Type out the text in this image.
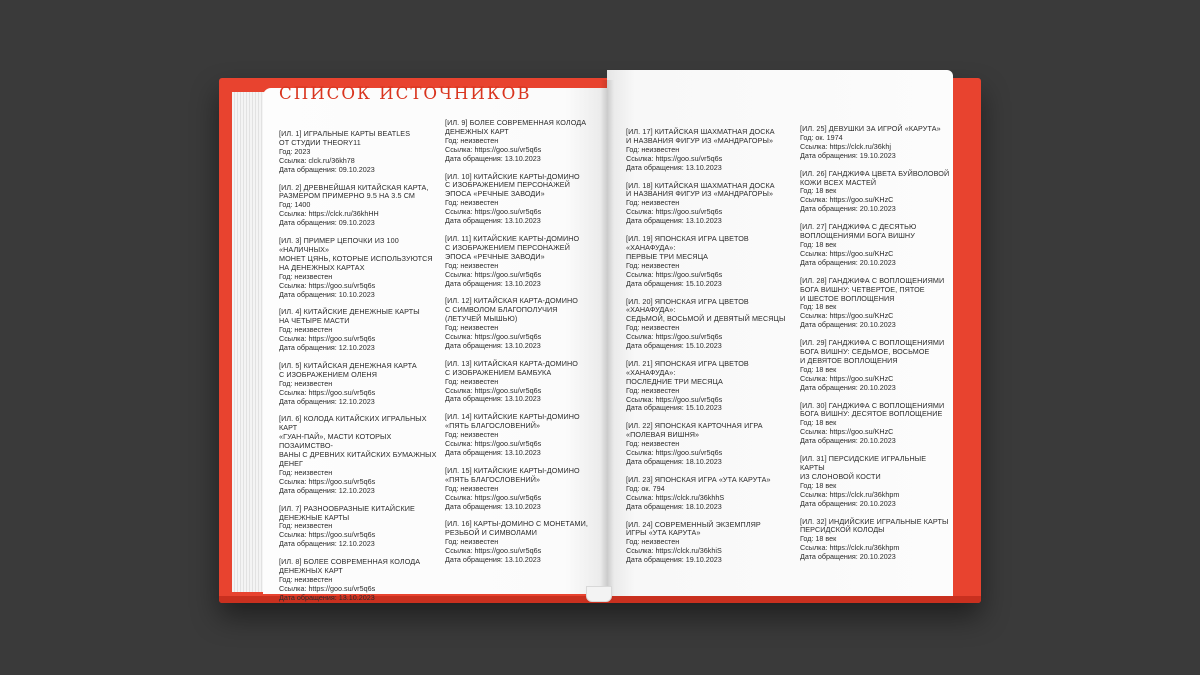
СПИСОК ИСТОЧНИКОВ
[ИЛ. 1] ИГРАЛЬНЫЕ КАРТЫ BEATLES
ОТ СТУДИИ THEORY11
Год: 2023
Ссылка: clck.ru/36kh78
Дата обращения: 09.10.2023
[ИЛ. 2] ДРЕВНЕЙШАЯ КИТАЙСКАЯ КАРТА,
РАЗМЕРОМ ПРИМЕРНО 9.5 НА 3.5 СМ
Год: 1400
Ссылка: https://clck.ru/36khHH
Дата обращения: 09.10.2023
[ИЛ. 3] ПРИМЕР ЦЕПОЧКИ ИЗ 100 «НАЛИЧНЫХ»
МОНЕТ ЦЯНЬ, КОТОРЫЕ ИСПОЛЬЗУЮТСЯ
НА ДЕНЕЖНЫХ КАРТАХ
Год: неизвестен
Ссылка: https://goo.su/vr5q6s
Дата обращения: 10.10.2023
[ИЛ. 4] КИТАЙСКИЕ ДЕНЕЖНЫЕ КАРТЫ
НА ЧЕТЫРЕ МАСТИ
Год: неизвестен
Ссылка: https://goo.su/vr5q6s
Дата обращения: 12.10.2023
[ИЛ. 5] КИТАЙСКАЯ ДЕНЕЖНАЯ КАРТА
С ИЗОБРАЖЕНИЕМ ОЛЕНЯ
Год: неизвестен
Ссылка: https://goo.su/vr5q6s
Дата обращения: 12.10.2023
[ИЛ. 6] КОЛОДА КИТАЙСКИХ ИГРАЛЬНЫХ КАРТ
«ГУАН-ПАЙ», МАСТИ КОТОРЫХ ПОЗАИМСТВО-
ВАНЫ С ДРЕВНИХ КИТАЙСКИХ БУМАЖНЫХ
ДЕНЕГ
Год: неизвестен
Ссылка: https://goo.su/vr5q6s
Дата обращения: 12.10.2023
[ИЛ. 7] РАЗНООБРАЗНЫЕ КИТАЙСКИЕ
ДЕНЕЖНЫЕ КАРТЫ
Год: неизвестен
Ссылка: https://goo.su/vr5q6s
Дата обращения: 12.10.2023
[ИЛ. 8] БОЛЕЕ СОВРЕМЕННАЯ КОЛОДА
ДЕНЕЖНЫХ КАРТ
Год: неизвестен
Ссылка: https://goo.su/vr5q6s
Дата обращения: 13.10.2023
[ИЛ. 9] БОЛЕЕ СОВРЕМЕННАЯ КОЛОДА
ДЕНЕЖНЫХ КАРТ
Год: неизвестен
Ссылка: https://goo.su/vr5q6s
Дата обращения: 13.10.2023
[ИЛ. 10] КИТАЙСКИЕ КАРТЫ-ДОМИНО
С ИЗОБРАЖЕНИЕМ ПЕРСОНАЖЕЙ
ЭПОСА «РЕЧНЫЕ ЗАВОДИ»
Год: неизвестен
Ссылка: https://goo.su/vr5q6s
Дата обращения: 13.10.2023
[ИЛ. 11] КИТАЙСКИЕ КАРТЫ-ДОМИНО
С ИЗОБРАЖЕНИЕМ ПЕРСОНАЖЕЙ
ЭПОСА «РЕЧНЫЕ ЗАВОДИ»
Год: неизвестен
Ссылка: https://goo.su/vr5q6s
Дата обращения: 13.10.2023
[ИЛ. 12] КИТАЙСКАЯ КАРТА-ДОМИНО
С СИМВОЛОМ БЛАГОПОЛУЧИЯ
(ЛЕТУЧЕЙ МЫШЬЮ)
Год: неизвестен
Ссылка: https://goo.su/vr5q6s
Дата обращения: 13.10.2023
[ИЛ. 13] КИТАЙСКАЯ КАРТА-ДОМИНО
С ИЗОБРАЖЕНИЕМ БАМБУКА
Год: неизвестен
Ссылка: https://goo.su/vr5q6s
Дата обращения: 13.10.2023
[ИЛ. 14] КИТАЙСКИЕ КАРТЫ-ДОМИНО
«ПЯТЬ БЛАГОСЛОВЕНИЙ»
Год: неизвестен
Ссылка: https://goo.su/vr5q6s
Дата обращения: 13.10.2023
[ИЛ. 15] КИТАЙСКИЕ КАРТЫ-ДОМИНО
«ПЯТЬ БЛАГОСЛОВЕНИЙ»
Год: неизвестен
Ссылка: https://goo.su/vr5q6s
Дата обращения: 13.10.2023
[ИЛ. 16] КАРТЫ-ДОМИНО С МОНЕТАМИ,
РЕЗЬБОЙ И СИМВОЛАМИ
Год: неизвестен
Ссылка: https://goo.su/vr5q6s
Дата обращения: 13.10.2023
[ИЛ. 17] КИТАЙСКАЯ ШАХМАТНАЯ ДОСКА
И НАЗВАНИЯ ФИГУР ИЗ «МАНДРАГОРЫ»
Год: неизвестен
Ссылка: https://goo.su/vr5q6s
Дата обращения: 13.10.2023
[ИЛ. 18] КИТАЙСКАЯ ШАХМАТНАЯ ДОСКА
И НАЗВАНИЯ ФИГУР ИЗ «МАНДРАГОРЫ»
Год: неизвестен
Ссылка: https://goo.su/vr5q6s
Дата обращения: 13.10.2023
[ИЛ. 19] ЯПОНСКАЯ ИГРА ЦВЕТОВ «ХАНАФУДА»:
ПЕРВЫЕ ТРИ МЕСЯЦА
Год: неизвестен
Ссылка: https://goo.su/vr5q6s
Дата обращения: 15.10.2023
[ИЛ. 20] ЯПОНСКАЯ ИГРА ЦВЕТОВ «ХАНАФУДА»:
СЕДЬМОЙ, ВОСЬМОЙ И ДЕВЯТЫЙ МЕСЯЦЫ
Год: неизвестен
Ссылка: https://goo.su/vr5q6s
Дата обращения: 15.10.2023
[ИЛ. 21] ЯПОНСКАЯ ИГРА ЦВЕТОВ «ХАНАФУДА»:
ПОСЛЕДНИЕ ТРИ МЕСЯЦА
Год: неизвестен
Ссылка: https://goo.su/vr5q6s
Дата обращения: 15.10.2023
[ИЛ. 22] ЯПОНСКАЯ КАРТОЧНАЯ ИГРА
«ПОЛЕВАЯ ВИШНЯ»
Год: неизвестен
Ссылка: https://goo.su/vr5q6s
Дата обращения: 18.10.2023
[ИЛ. 23] ЯПОНСКАЯ ИГРА «УТА КАРУТА»
Год: ок. 794
Ссылка: https://clck.ru/36khhS
Дата обращения: 18.10.2023
[ИЛ. 24] СОВРЕМЕННЫЙ ЭКЗЕМПЛЯР
ИГРЫ «УТА КАРУТА»
Год: неизвестен
Ссылка: https://clck.ru/36khiS
Дата обращения: 19.10.2023
[ИЛ. 25] ДЕВУШКИ ЗА ИГРОЙ «КАРУТА»
Год: ок. 1974
Ссылка: https://clck.ru/36khj
Дата обращения: 19.10.2023
[ИЛ. 26] ГАНДЖИФА ЦВЕТА БУЙВОЛОВОЙ
КОЖИ ВСЕХ МАСТЕЙ
Год: 18 век
Ссылка: https://goo.su/KHzC
Дата обращения: 20.10.2023
[ИЛ. 27] ГАНДЖИФА С ДЕСЯТЬЮ
ВОПЛОЩЕНИЯМИ БОГА ВИШНУ
Год: 18 век
Ссылка: https://goo.su/KHzC
Дата обращения: 20.10.2023
[ИЛ. 28] ГАНДЖИФА С ВОПЛОЩЕНИЯМИ
БОГА ВИШНУ: ЧЕТВЕРТОЕ, ПЯТОЕ
И ШЕСТОЕ ВОПЛОЩЕНИЯ
Год: 18 век
Ссылка: https://goo.su/KHzC
Дата обращения: 20.10.2023
[ИЛ. 29] ГАНДЖИФА С ВОПЛОЩЕНИЯМИ
БОГА ВИШНУ: СЕДЬМОЕ, ВОСЬМОЕ
И ДЕВЯТОЕ ВОПЛОЩЕНИЯ
Год: 18 век
Ссылка: https://goo.su/KHzC
Дата обращения: 20.10.2023
[ИЛ. 30] ГАНДЖИФА С ВОПЛОЩЕНИЯМИ
БОГА ВИШНУ: ДЕСЯТОЕ ВОПЛОЩЕНИЕ
Год: 18 век
Ссылка: https://goo.su/KHzC
Дата обращения: 20.10.2023
[ИЛ. 31] ПЕРСИДСКИЕ ИГРАЛЬНЫЕ КАРТЫ
ИЗ СЛОНОВОЙ КОСТИ
Год: 18 век
Ссылка: https://clck.ru/36khpm
Дата обращения: 20.10.2023
[ИЛ. 32] ИНДИЙСКИЕ ИГРАЛЬНЫЕ КАРТЫ
ПЕРСИДСКОЙ КОЛОДЫ
Год: 18 век
Ссылка: https://clck.ru/36khpm
Дата обращения: 20.10.2023
